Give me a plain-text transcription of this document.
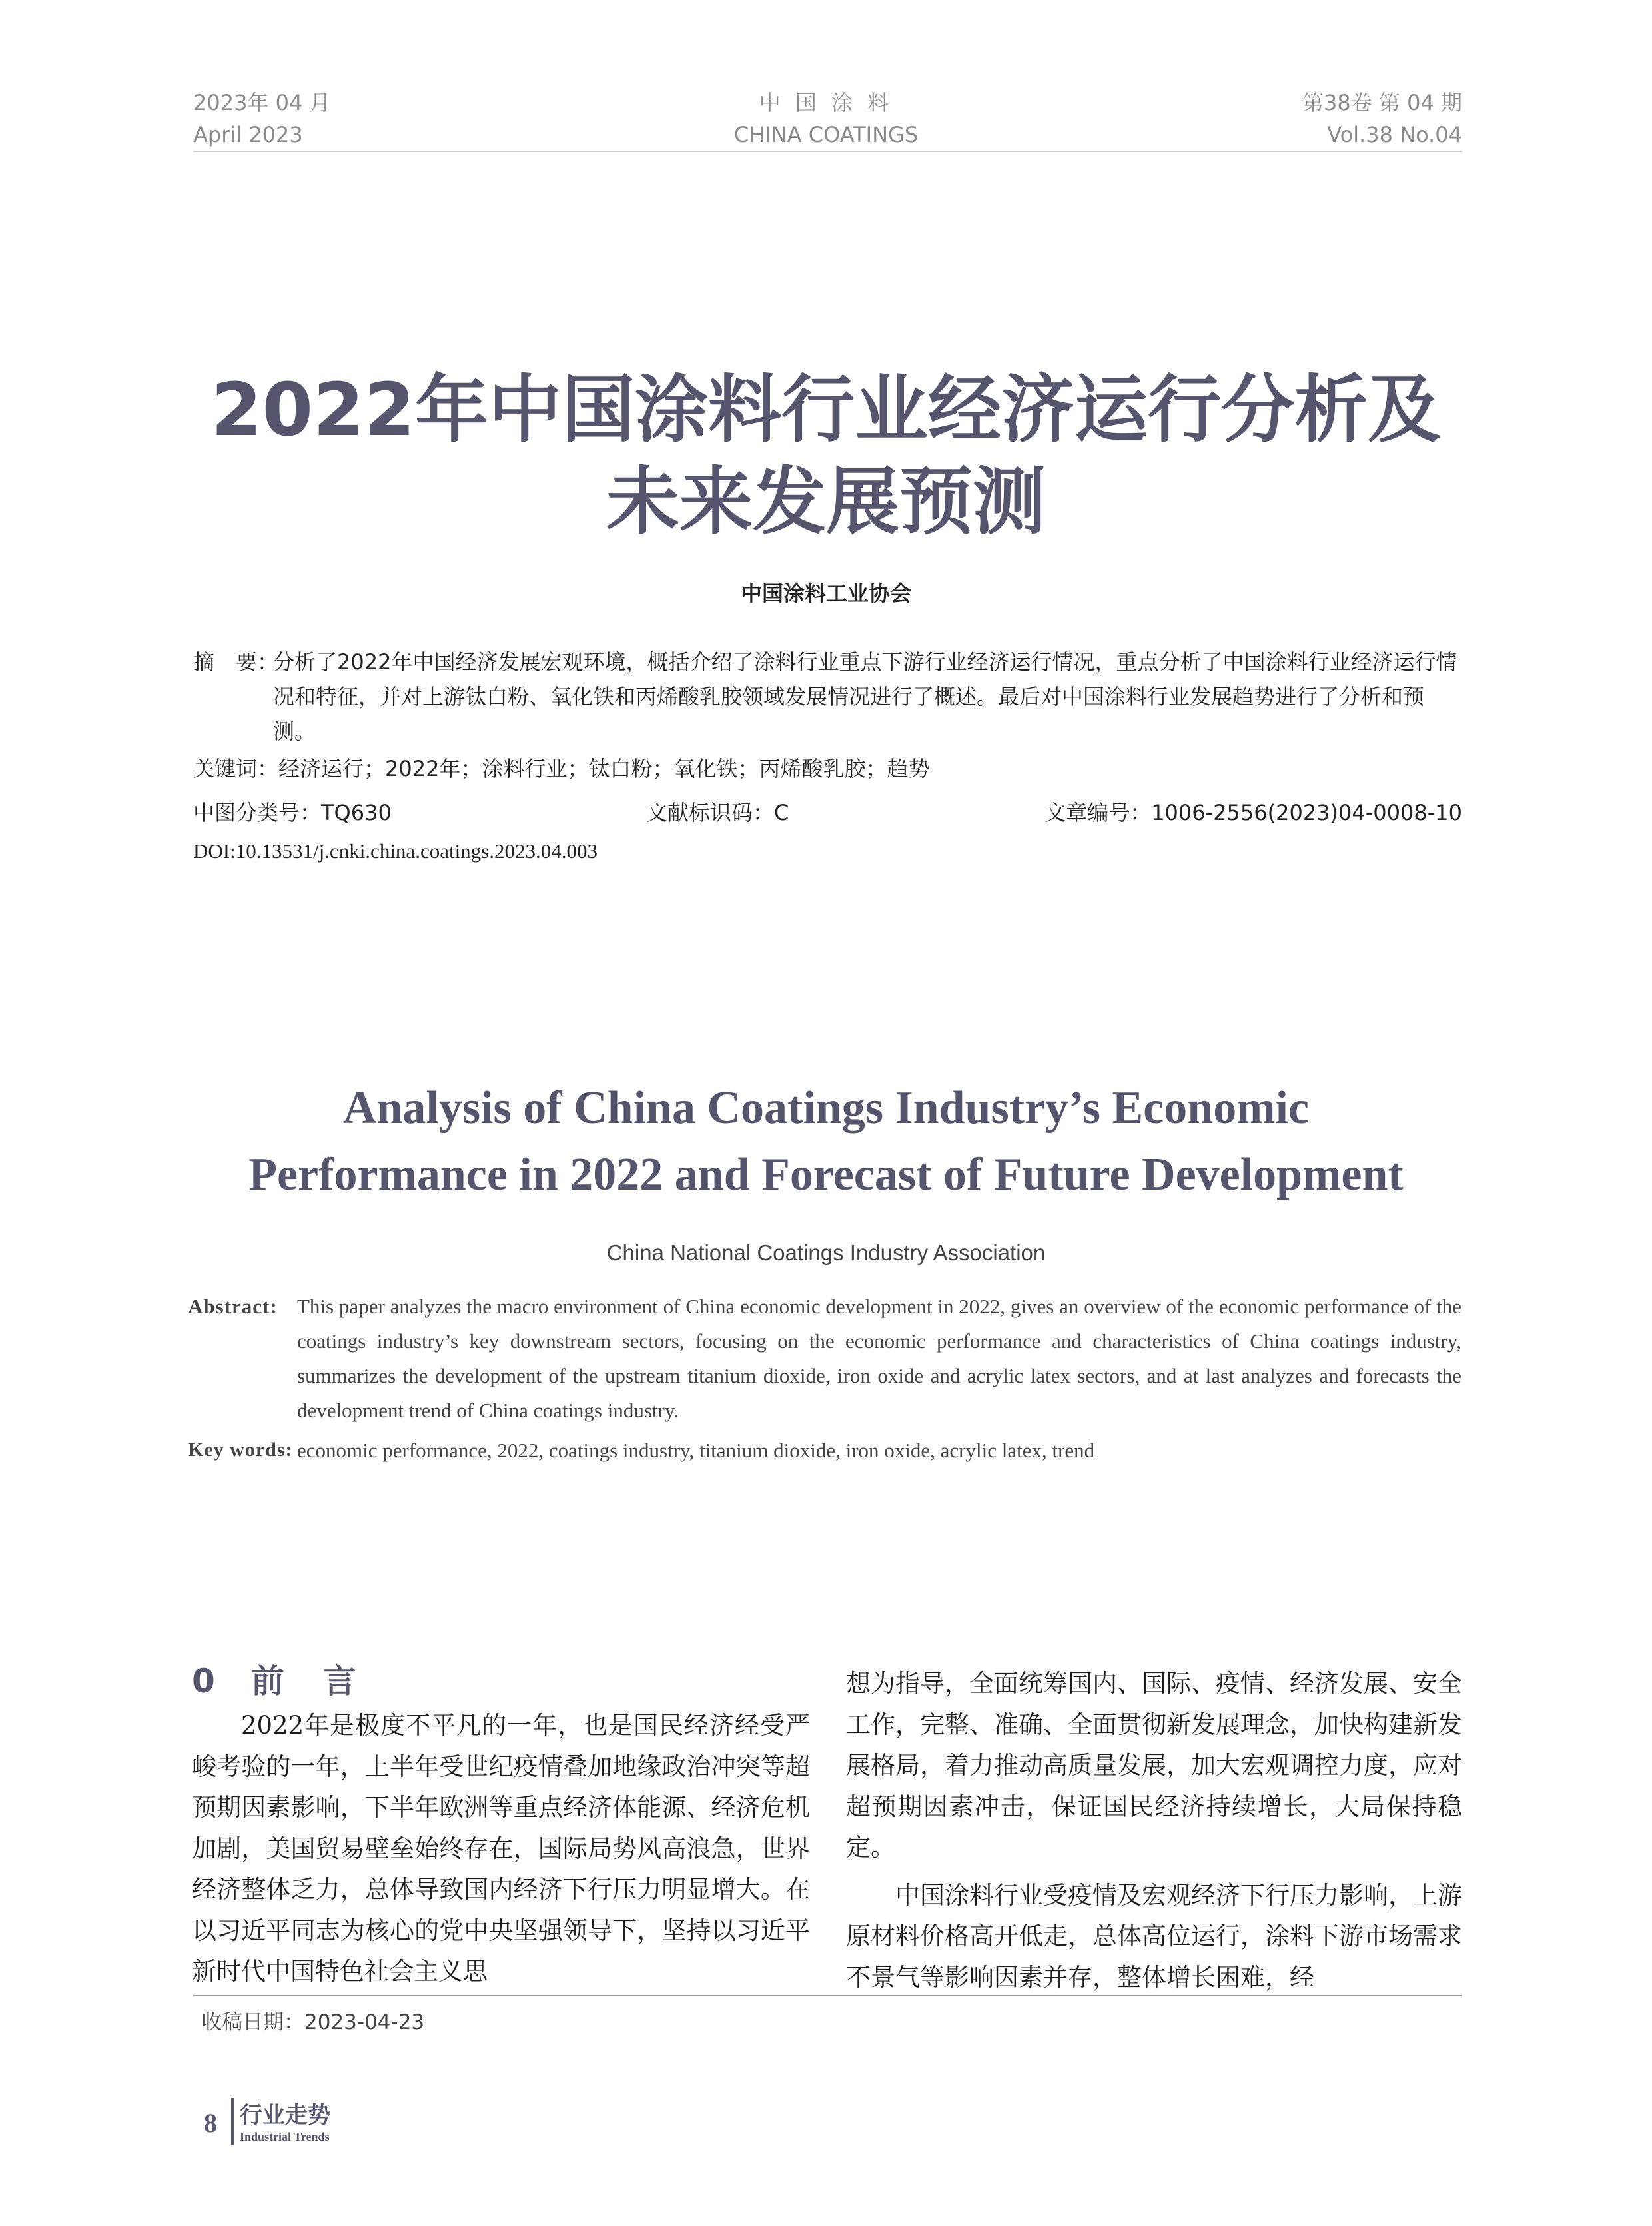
2023年 04 月
April 2023
中 国 涂 料
CHINA COATINGS
第38卷 第 04 期
Vol.38 No.04
2022年中国涂料行业经济运行分析及
未来发展预测
中国涂料工业协会
摘　要：
分析了2022年中国经济发展宏观环境，概括介绍了涂料行业重点下游行业经济运行情况，重点分析了中国涂料行业经济运行情况和特征，并对上游钛白粉、氧化铁和丙烯酸乳胶领域发展情况进行了概述。最后对中国涂料行业发展趋势进行了分析和预测。
关键词：经济运行；2022年；涂料行业；钛白粉；氧化铁；丙烯酸乳胶；趋势
中图分类号：TQ630	文献标识码：C	文章编号：1006-2556(2023)04-0008-10
DOI:10.13531/j.cnki.china.coatings.2023.04.003
Analysis of China Coatings Industry’s Economic
Performance in 2022 and Forecast of Future Development
China National Coatings Industry Association
Abstract: This paper analyzes the macro environment of China economic development in 2022, gives an overview of the economic performance of the coatings industry’s key downstream sectors, focusing on the economic performance and characteristics of China coatings industry, summarizes the development of the upstream titanium dioxide, iron oxide and acrylic latex sectors, and at last analyzes and forecasts the development trend of China coatings industry.
Key words: economic performance, 2022, coatings industry, titanium dioxide, iron oxide, acrylic latex, trend
0 前　言

2022年是极度不平凡的一年，也是国民经济经受严峻考验的一年，上半年受世纪疫情叠加地缘政治冲突等超预期因素影响，下半年欧洲等重点经济体能源、经济危机加剧，美国贸易壁垒始终存在，国际局势风高浪急，世界经济整体乏力，总体导致国内经济下行压力明显增大。在以习近平同志为核心的党中央坚强领导下，坚持以习近平新时代中国特色社会主义思

想为指导，全面统筹国内、国际、疫情、经济发展、安全工作，完整、准确、全面贯彻新发展理念，加快构建新发展格局，着力推动高质量发展，加大宏观调控力度，应对超预期因素冲击，保证国民经济持续增长，大局保持稳定。

中国涂料行业受疫情及宏观经济下行压力影响，上游原材料价格高开低走，总体高位运行，涂料下游市场需求不景气等影响因素并存，整体增长困难，经

收稿日期：2023-04-23
8 行业走势
Industrial Trends
